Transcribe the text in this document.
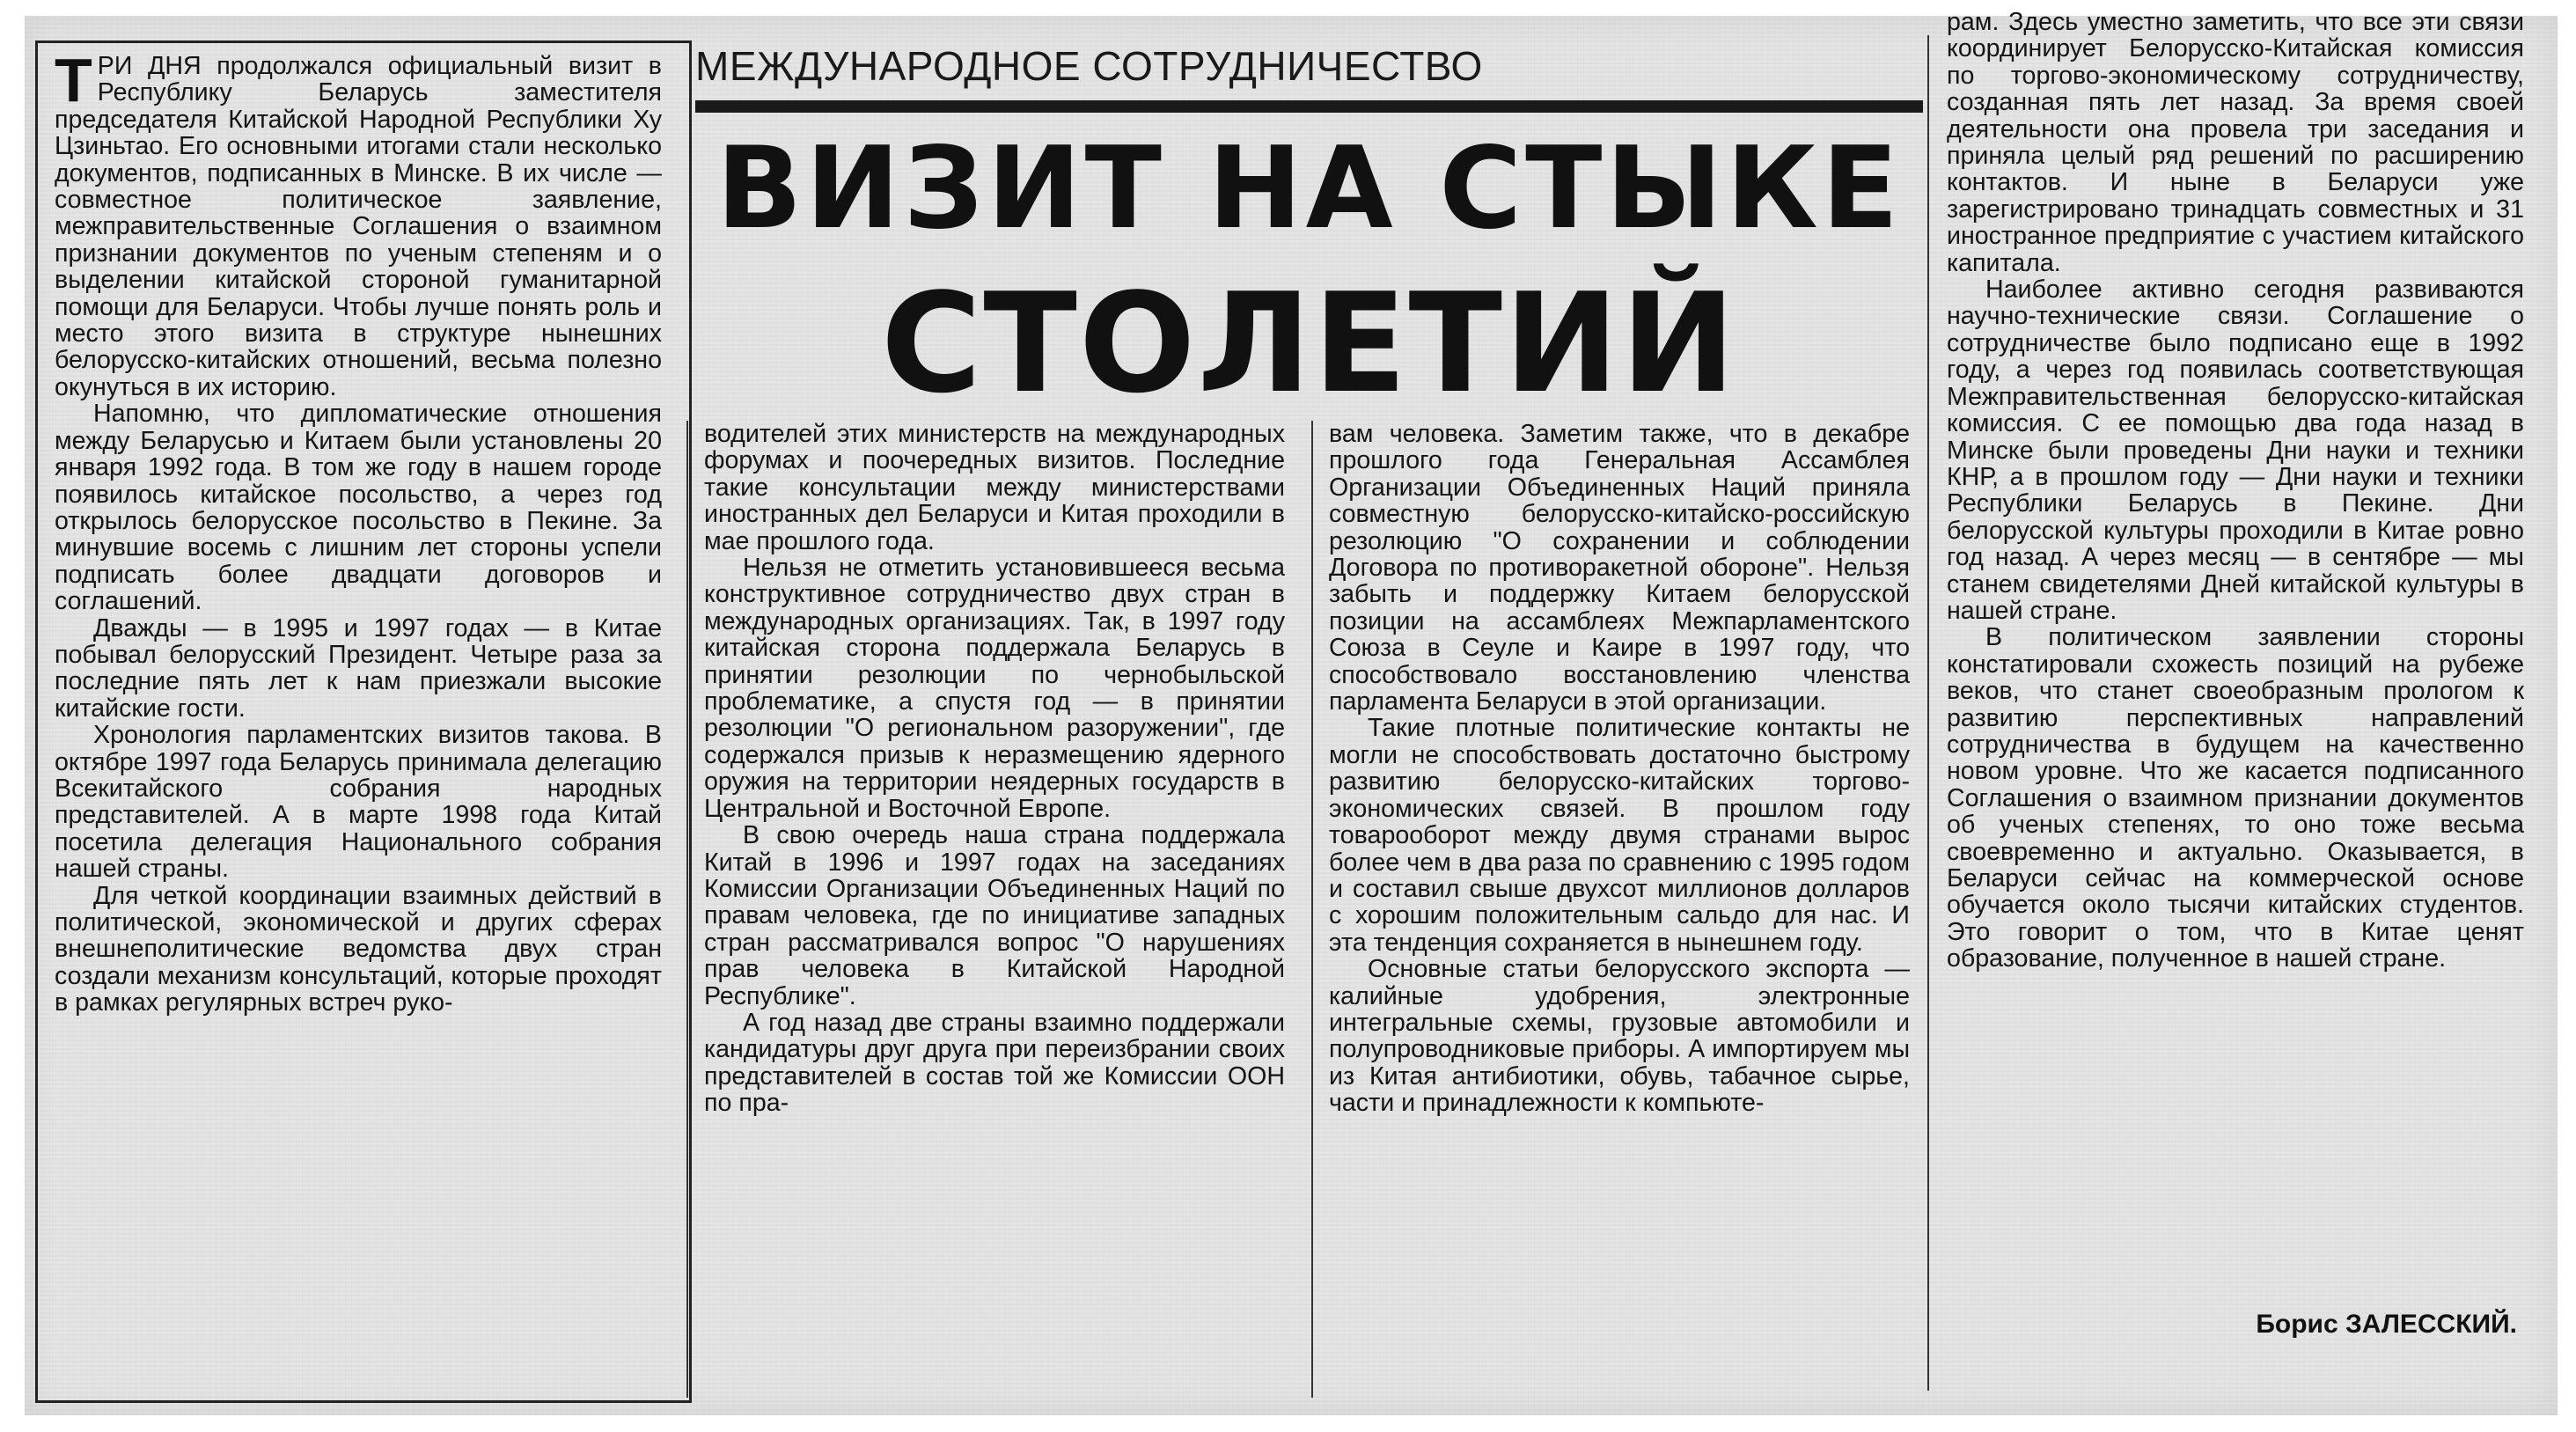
МЕЖДУНАРОДНОЕ СОТРУДНИЧЕСТВО
ВИЗИТ НА СТЫКЕ
СТОЛЕТИЙ

ТРИ ДНЯ продолжался официальный визит в Республику Беларусь заместителя председателя Китайской Народной Республики Ху Цзиньтао. Его основными итогами стали несколько документов, подписанных в Минске. В их числе — совместное политическое заявление, межправительственные Соглашения о взаимном признании документов по ученым степеням и о выделении китайской стороной гуманитарной помощи для Беларуси. Чтобы лучше понять роль и место этого визита в структуре нынешних белорусско-китайских отношений, весьма полезно окунуться в их историю.

Напомню, что дипломатические отношения между Беларусью и Китаем были установлены 20 января 1992 года. В том же году в нашем городе появилось китайское посольство, а через год открылось белорусское посольство в Пекине. За минувшие восемь с лишним лет стороны успели подписать более двадцати договоров и соглашений.

Дважды — в 1995 и 1997 годах — в Китае побывал белорусский Президент. Четыре раза за последние пять лет к нам приезжали высокие китайские гости.

Хронология парламентских визитов такова. В октябре 1997 года Беларусь принимала делегацию Всекитайского собрания народных представителей. А в марте 1998 года Китай посетила делегация Национального собрания нашей страны.

Для четкой координации взаимных действий в политической, экономической и других сферах внешнеполитические ведомства двух стран создали механизм консультаций, которые проходят в рамках регулярных встреч руко-

водителей этих министерств на международных форумах и поочередных визитов. Последние такие консультации между министерствами иностранных дел Беларуси и Китая проходили в мае прошлого года.

Нельзя не отметить установившееся весьма конструктивное сотрудничество двух стран в международных организациях. Так, в 1997 году китайская сторона поддержала Беларусь в принятии резолюции по чернобыльской проблематике, а спустя год — в принятии резолюции "О региональном разоружении", где содержался призыв к неразмещению ядерного оружия на территории неядерных государств в Центральной и Восточной Европе.

В свою очередь наша страна поддержала Китай в 1996 и 1997 годах на заседаниях Комиссии Организации Объединенных Наций по правам человека, где по инициативе западных стран рассматривался вопрос "О нарушениях прав человека в Китайской Народной Республике".

А год назад две страны взаимно поддержали кандидатуры друг друга при переизбрании своих представителей в состав той же Комиссии ООН по пра-

вам человека. Заметим также, что в декабре прошлого года Генеральная Ассамблея Организации Объединенных Наций приняла совместную белорусско-китайско-российскую резолюцию "О сохранении и соблюдении Договора по противоракетной обороне". Нельзя забыть и поддержку Китаем белорусской позиции на ассамблеях Межпарламентского Союза в Сеуле и Каире в 1997 году, что способствовало восстановлению членства парламента Беларуси в этой организации.

Такие плотные политические контакты не могли не способствовать достаточно быстрому развитию белорусско-китайских торгово-экономических связей. В прошлом году товарооборот между двумя странами вырос более чем в два раза по сравнению с 1995 годом и составил свыше двухсот миллионов долларов с хорошим положительным сальдо для нас. И эта тенденция сохраняется в нынешнем году.

Основные статьи белорусского экспорта — калийные удобрения, электронные интегральные схемы, грузовые автомобили и полупроводниковые приборы. А импортируем мы из Китая антибиотики, обувь, табачное сырье, части и принадлежности к компьюте-

рам. Здесь уместно заметить, что все эти связи координирует Белорусско-Китайская комиссия по торгово-экономическому сотрудничеству, созданная пять лет назад. За время своей деятельности она провела три заседания и приняла целый ряд решений по расширению контактов. И ныне в Беларуси уже зарегистрировано тринадцать совместных и 31 иностранное предприятие с участием китайского капитала.

Наиболее активно сегодня развиваются научно-технические связи. Соглашение о сотрудничестве было подписано еще в 1992 году, а через год появилась соответствующая Межправительственная белорусско-китайская комиссия. С ее помощью два года назад в Минске были проведены Дни науки и техники КНР, а в прошлом году — Дни науки и техники Республики Беларусь в Пекине. Дни белорусской культуры проходили в Китае ровно год назад. А через месяц — в сентябре — мы станем свидетелями Дней китайской культуры в нашей стране.

В политическом заявлении стороны констатировали схожесть позиций на рубеже веков, что станет своеобразным прологом к развитию перспективных направлений сотрудничества в будущем на качественно новом уровне. Что же касается подписанного Соглашения о взаимном признании документов об ученых степенях, то оно тоже весьма своевременно и актуально. Оказывается, в Беларуси сейчас на коммерческой основе обучается около тысячи китайских студентов. Это говорит о том, что в Китае ценят образование, полученное в нашей стране.

Борис ЗАЛЕССКИЙ.
